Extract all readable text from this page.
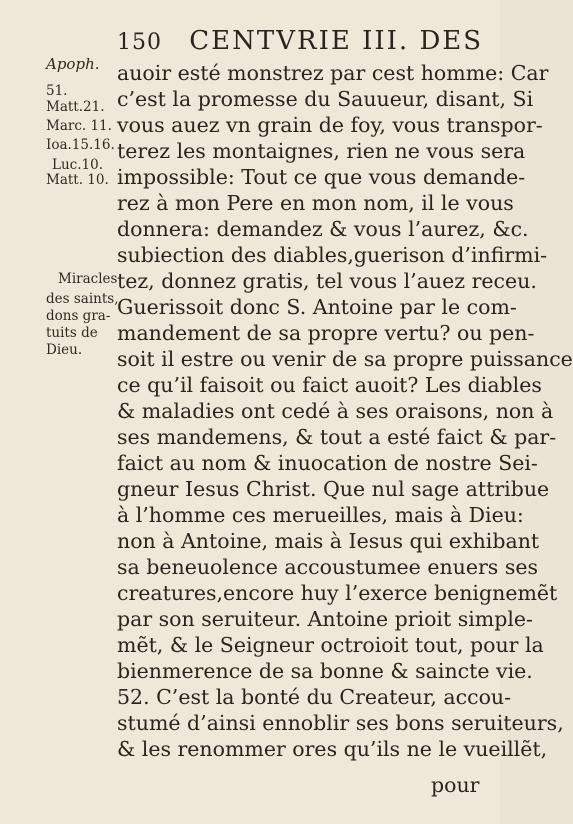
150 CENTVRIE III. DES
Apoph.
51.
Matt.21.
Marc. 11.
Ioa.15.16.
Luc.10.
Matt. 10.
Miracles
des saints,
dons gra-
tuits de
Dieu.
auoir esté monstrez par cest homme: Car
c’est la promesse du Sauueur, disant, Si
vous auez vn grain de foy, vous transpor-
terez les montaignes, rien ne vous sera
impossible: Tout ce que vous demande-
rez à mon Pere en mon nom, il le vous
donnera: demandez & vous l’aurez, &c.
subiection des diables,guerison d’infirmi-
tez, donnez gratis, tel vous l’auez receu.
Guerissoit donc S. Antoine par le com-
mandement de sa propre vertu? ou pen-
soit il estre ou venir de sa propre puissance
ce qu’il faisoit ou faict auoit? Les diables
& maladies ont cedé à ses oraisons, non à
ses mandemens, & tout a esté faict & par-
faict au nom & inuocation de nostre Sei-
gneur Iesus Christ. Que nul sage attribue
à l’homme ces merueilles, mais à Dieu:
non à Antoine, mais à Iesus qui exhibant
sa beneuolence accoustumee enuers ses
creatures,encore huy l’exerce benignemẽt
par son seruiteur. Antoine prioit simple-
mẽt, & le Seigneur octroioit tout, pour la
bienmerence de sa bonne & saincte vie.
52. C’est la bonté du Createur, accou-
stumé d’ainsi ennoblir ses bons seruiteurs,
& les renommer ores qu’ils ne le vueillẽt,
pour
